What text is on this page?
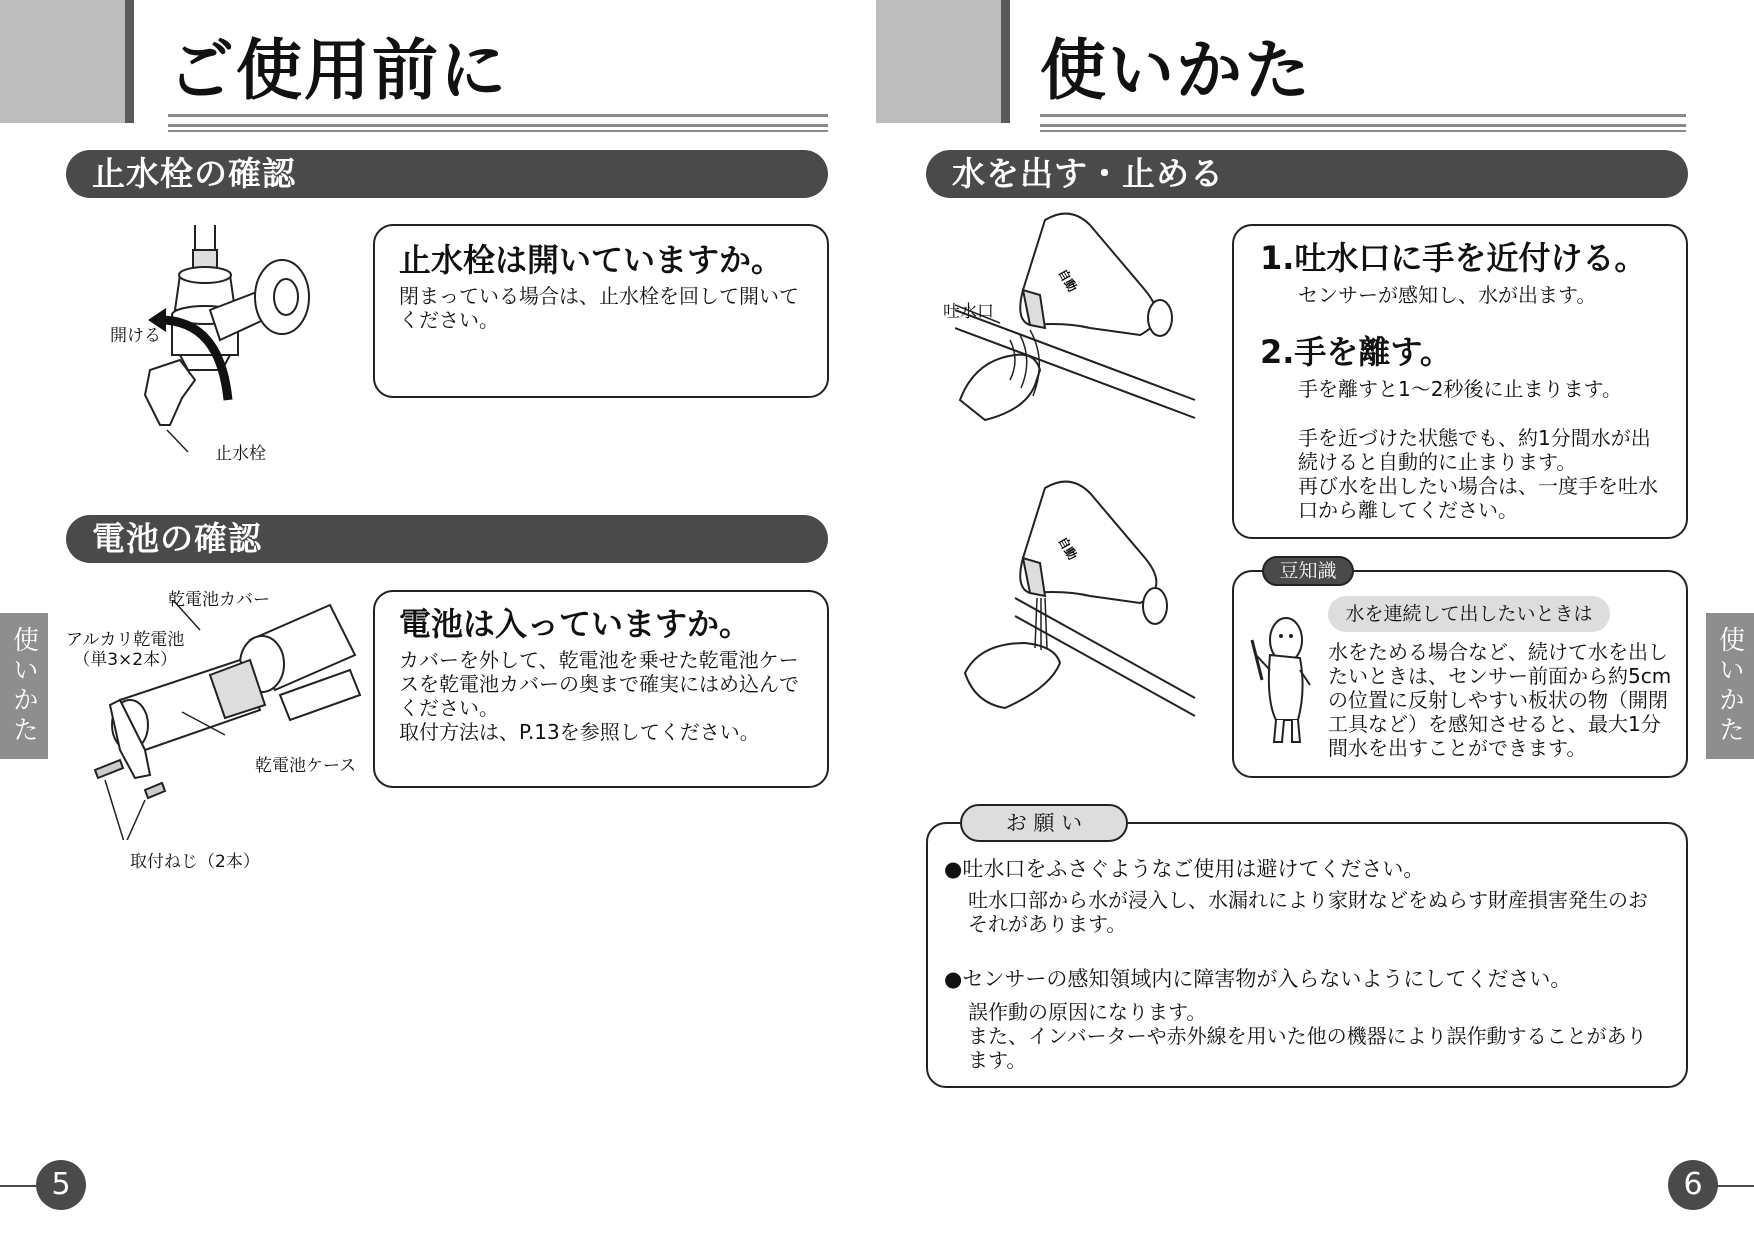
ご使用前に
止水栓の確認
開ける
止水栓
止水栓は開いていますか。
閉まっている場合は、止水栓を回して開いて
ください。
電池の確認
乾電池カバー
アルカリ乾電池
（単3×2本）
乾電池ケース
取付ねじ（2本）
電池は入っていますか。
カバーを外して、乾電池を乗せた乾電池ケー
スを乾電池カバーの奥まで確実にはめ込んで
ください。
取付方法は、P.13を参照してください。
使いかた
5
使いかた
水を出す・止める
自動
吐水口
自動
1.吐水口に手を近付ける。
センサーが感知し、水が出ます。
2.手を離す。
手を離すと1～2秒後に止まります。
手を近づけた状態でも、約1分間水が出
続けると自動的に止まります。
再び水を出したい場合は、一度手を吐水
口から離してください。
水を連続して出したいときは
水をためる場合など、続けて水を出し
たいときは、センサー前面から約5cm
の位置に反射しやすい板状の物（開閉
工具など）を感知させると、最大1分
間水を出すことができます。
豆知識
●吐水口をふさぐようなご使用は避けてください。
吐水口部から水が浸入し、水漏れにより家財などをぬらす財産損害発生のお
それがあります。
●センサーの感知領域内に障害物が入らないようにしてください。
誤作動の原因になります。
また、インバーターや赤外線を用いた他の機器により誤作動することがあり
ます。
お 願 い
使いかた
6
